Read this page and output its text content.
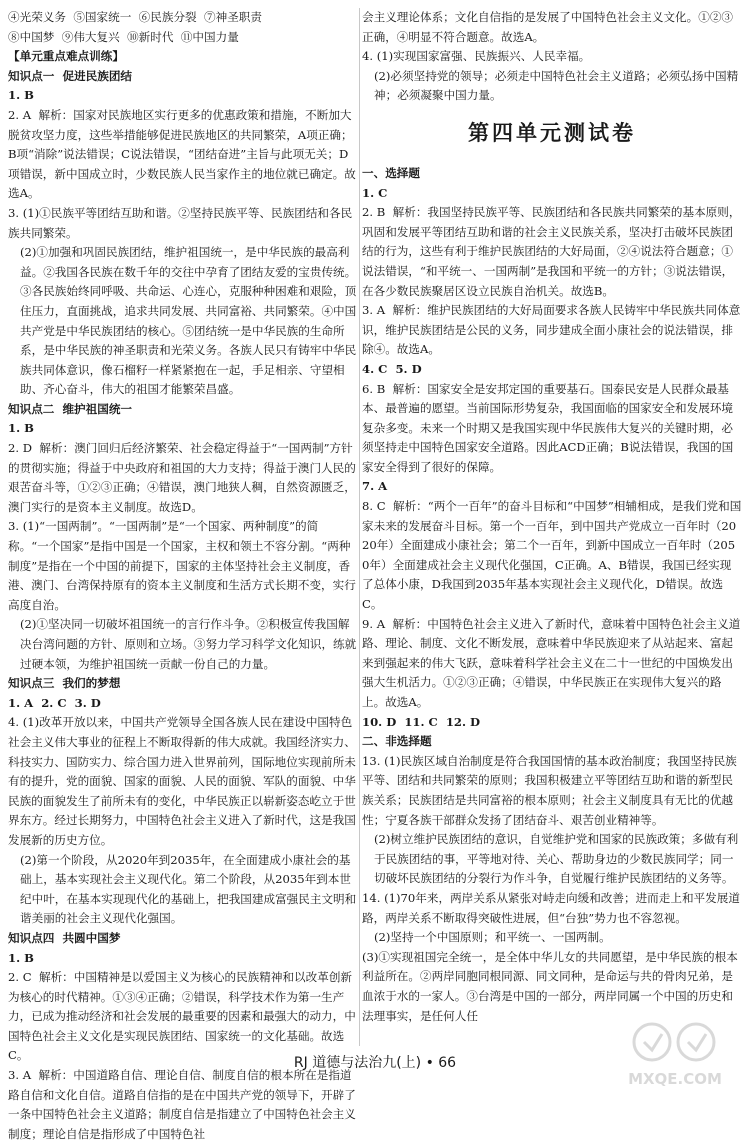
④光荣义务  ⑤国家统一  ⑥民族分裂  ⑦神圣职责
⑧中国梦  ⑨伟大复兴  ⑩新时代  ⑪中国力量
【单元重点难点训练】
知识点一  促进民族团结
1. B
2. A  解析：国家对民族地区实行更多的优惠政策和措施，不断加大脱贫攻坚力度，这些举措能够促进民族地区的共同繁荣，A项正确；B项“消除”说法错误；C说法错误，“团结奋进”主旨与此项无关；D项错误，新中国成立时，少数民族人民当家作主的地位就已确定。故选A。
3. (1)①民族平等团结互助和谐。②坚持民族平等、民族团结和各民族共同繁荣。
(2)①加强和巩固民族团结，维护祖国统一，是中华民族的最高利益。②我国各民族在数千年的交往中孕育了团结友爱的宝贵传统。③各民族始终同呼吸、共命运、心连心，克服种种困难和艰险，顶住压力，直面挑战，追求共同发展、共同富裕、共同繁荣。④中国共产党是中华民族团结的核心。⑤团结统一是中华民族的生命所系，是中华民族的神圣职责和光荣义务。各族人民只有铸牢中华民族共同体意识，像石榴籽一样紧紧抱在一起，手足相亲、守望相助、齐心奋斗，伟大的祖国才能繁荣昌盛。
知识点二  维护祖国统一
1. B
2. D  解析：澳门回归后经济繁荣、社会稳定得益于“一国两制”方针的贯彻实施；得益于中央政府和祖国的大力支持；得益于澳门人民的艰苦奋斗等，①②③正确；④错误，澳门地狭人稠，自然资源匮乏，澳门实行的是资本主义制度。故选D。
3. (1)“一国两制”。“一国两制”是“一个国家、两种制度”的简称。“一个国家”是指中国是一个国家，主权和领土不容分割。“两种制度”是指在一个中国的前提下，国家的主体坚持社会主义制度，香港、澳门、台湾保持原有的资本主义制度和生活方式长期不变，实行高度自治。
(2)①坚决同一切破坏祖国统一的言行作斗争。②积极宣传我国解决台湾问题的方针、原则和立场。③努力学习科学文化知识，练就过硬本领，为维护祖国统一贡献一份自己的力量。
知识点三  我们的梦想
1. A  2. C  3. D
4. (1)改革开放以来，中国共产党领导全国各族人民在建设中国特色社会主义伟大事业的征程上不断取得新的伟大成就。我国经济实力、科技实力、国防实力、综合国力进入世界前列，国际地位实现前所未有的提升，党的面貌、国家的面貌、人民的面貌、军队的面貌、中华民族的面貌发生了前所未有的变化，中华民族正以崭新姿态屹立于世界东方。经过长期努力，中国特色社会主义进入了新时代，这是我国发展新的历史方位。
(2)第一个阶段，从2020年到2035年，在全面建成小康社会的基础上，基本实现社会主义现代化。第二个阶段，从2035年到本世纪中叶，在基本实现现代化的基础上，把我国建成富强民主文明和谐美丽的社会主义现代化强国。
知识点四  共圆中国梦
1. B
2. C  解析：中国精神是以爱国主义为核心的民族精神和以改革创新为核心的时代精神。①③④正确；②错误，科学技术作为第一生产力，已成为推动经济和社会发展的最重要的因素和最强大的动力，中国特色社会主义文化是实现民族团结、国家统一的文化基础。故选C。
3. A  解析：中国道路自信、理论自信、制度自信的根本所在是指道路自信和文化自信。道路自信指的是在中国共产党的领导下，开辟了一条中国特色社会主义道路；制度自信是指建立了中国特色社会主义制度；理论自信是指形成了中国特色社
会主义理论体系；文化自信指的是发展了中国特色社会主义文化。①②③正确，④明显不符合题意。故选A。
4. (1)实现国家富强、民族振兴、人民幸福。
(2)必须坚持党的领导；必须走中国特色社会主义道路；必须弘扬中国精神；必须凝聚中国力量。
第四单元测试卷
一、选择题
1. C
2. B  解析：我国坚持民族平等、民族团结和各民族共同繁荣的基本原则，巩固和发展平等团结互助和谐的社会主义民族关系，坚决打击破坏民族团结的行为，这些有利于维护民族团结的大好局面，②④说法符合题意；①说法错误，“和平统一、一国两制”是我国和平统一的方针；③说法错误，在各少数民族聚居区设立民族自治机关。故选B。
3. A  解析：维护民族团结的大好局面要求各族人民铸牢中华民族共同体意识，维护民族团结是公民的义务，同步建成全面小康社会的说法错误，排除④。故选A。
4. C  5. D
6. B  解析：国家安全是安邦定国的重要基石。国泰民安是人民群众最基本、最普遍的愿望。当前国际形势复杂，我国面临的国家安全和发展环境复杂多变。未来一个时期又是我国实现中华民族伟大复兴的关键时期，必须坚持走中国特色国家安全道路。因此ACD正确；B说法错误，我国的国家安全得到了很好的保障。
7. A
8. C  解析：“两个一百年”的奋斗目标和“中国梦”相辅相成，是我们党和国家未来的发展奋斗目标。第一个一百年，到中国共产党成立一百年时（2020年）全面建成小康社会；第二个一百年，到新中国成立一百年时（2050年）全面建成社会主义现代化强国，C正确。A、B错误，我国已经实现了总体小康，D我国到2035年基本实现社会主义现代化，D错误。故选C。
9. A  解析：中国特色社会主义进入了新时代，意味着中国特色社会主义道路、理论、制度、文化不断发展，意味着中华民族迎来了从站起来、富起来到强起来的伟大飞跃，意味着科学社会主义在二十一世纪的中国焕发出强大生机活力。①②③正确；④错误，中华民族正在实现伟大复兴的路上。故选A。
10. D  11. C  12. D
二、非选择题
13. (1)民族区域自治制度是符合我国国情的基本政治制度；我国坚持民族平等、团结和共同繁荣的原则；我国积极建立平等团结互助和谐的新型民族关系；民族团结是共同富裕的根本原则；社会主义制度具有无比的优越性；宁夏各族干部群众发扬了团结奋斗、艰苦创业精神等。
(2)树立维护民族团结的意识，自觉维护党和国家的民族政策；多做有利于民族团结的事，平等地对待、关心、帮助身边的少数民族同学；同一切破坏民族团结的分裂行为作斗争，自觉履行维护民族团结的义务等。
14. (1)70年来，两岸关系从紧张对峙走向缓和改善；进而走上和平发展道路，两岸关系不断取得突破性进展，但“台独”势力也不容忽视。
(2)坚持一个中国原则；和平统一、一国两制。
(3)①实现祖国完全统一，是全体中华儿女的共同愿望，是中华民族的根本利益所在。②两岸同胞同根同源、同文同种，是命运与共的骨肉兄弟，是血浓于水的一家人。③台湾是中国的一部分，两岸同属一个中国的历史和法理事实，是任何人任
RJ 道德与法治九(上) • 66
MXQE.COM
